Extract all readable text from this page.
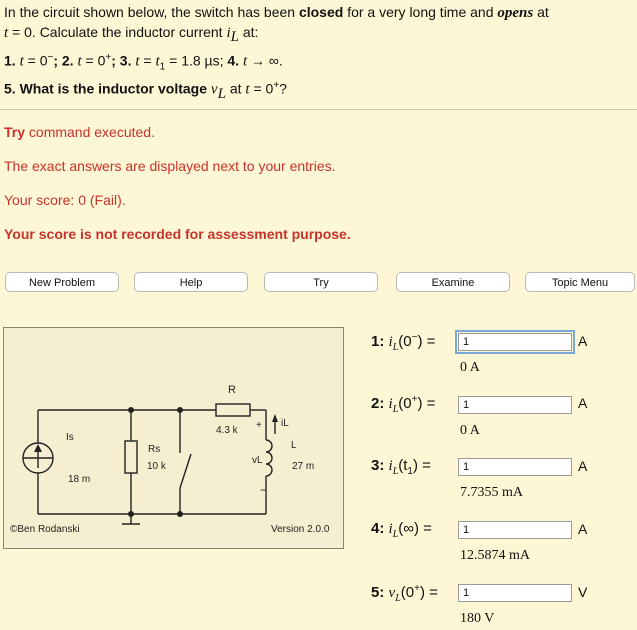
In the circuit shown below, the switch has been closed for a very long time and opens at

t = 0. Calculate the inductor current $i_L$ at:

1. t = 0−; 2. t = 0+; 3. $t = t_1 = 1.8$ µs; 4. t → ∞.

5. What is the inductor voltage $v_L$ at t = 0+?

Try command executed.
The exact answers are displayed next to your entries.
Your score: 0 (Fail).
Your score is not recorded for assessment purpose.
New Problem	Help	Try	Examine	Topic Menu
R
4.3 k + iL
Is
18 m
Rs
10 k
vL
L
27 m
−
©Ben Rodanski	Version 2.0.0
1: $i_L(0^-)$ =	1	A
0 A
2: $i_L(0^+)$ =	1	A
0 A
3: $i_L(t_1)$ =	1	A
7.7355 mA
4: $i_L(\infty)$ =	1	A
12.5874 mA
5: $v_L(0^+)$ =	1	V
180 V
